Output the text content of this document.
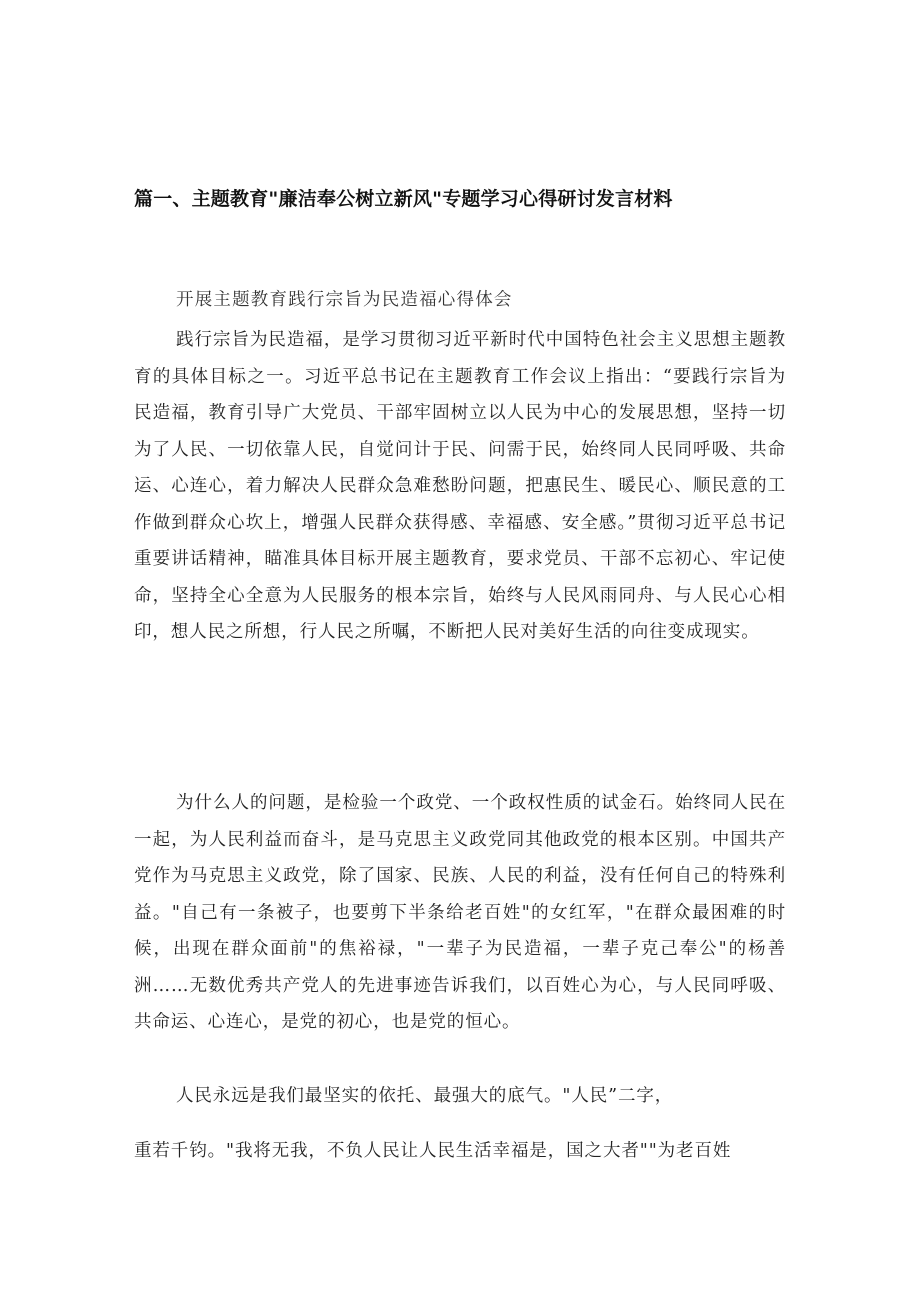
篇一、主题教育"廉洁奉公树立新风"专题学习心得研讨发言材料
开展主题教育践行宗旨为民造福心得体会

践行宗旨为民造福，是学习贯彻习近平新时代中国特色社会主义思想主题教育的具体目标之一。习近平总书记在主题教育工作会议上指出：“要践行宗旨为民造福，教育引导广大党员、干部牢固树立以人民为中心的发展思想，坚持一切为了人民、一切依靠人民，自觉问计于民、问需于民，始终同人民同呼吸、共命运、心连心，着力解决人民群众急难愁盼问题，把惠民生、暖民心、顺民意的工作做到群众心坎上，增强人民群众获得感、幸福感、安全感。”贯彻习近平总书记重要讲话精神，瞄准具体目标开展主题教育，要求党员、干部不忘初心、牢记使命，坚持全心全意为人民服务的根本宗旨，始终与人民风雨同舟、与人民心心相印，想人民之所想，行人民之所嘱，不断把人民对美好生活的向往变成现实。

为什么人的问题，是检验一个政党、一个政权性质的试金石。始终同人民在一起，为人民利益而奋斗，是马克思主义政党同其他政党的根本区别。中国共产党作为马克思主义政党，除了国家、民族、人民的利益，没有任何自己的特殊利益。"自己有一条被子，也要剪下半条给老百姓"的女红军，"在群众最困难的时候，出现在群众面前"的焦裕禄，"一辈子为民造福，一辈子克己奉公"的杨善洲……无数优秀共产党人的先进事迹告诉我们，以百姓心为心，与人民同呼吸、共命运、心连心，是党的初心，也是党的恒心。

人民永远是我们最坚实的依托、最强大的底气。"人民”二字，

重若千钧。"我将无我，不负人民让人民生活幸福是，国之大者""为老百姓
